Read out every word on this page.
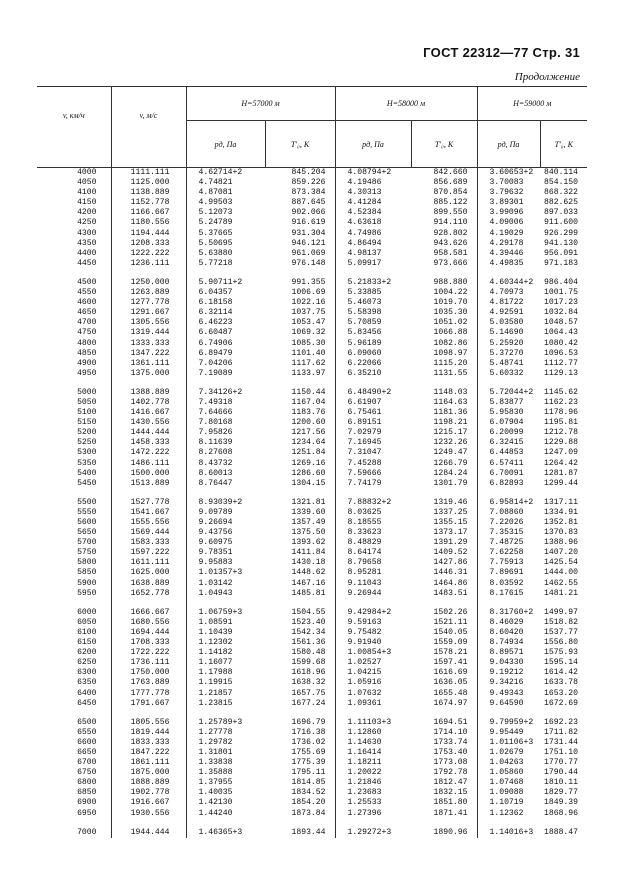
ГОСТ 22312—77 Стр. 31
Продолжение
v, км/ч	v, м/с	H=57000 м		H=58000 м		H=59000 м	
		pд, Па	T′₀, К	pд, Па	T′₀, К	pд, Па	T′₀, К
4000	1111.111	4.62714+2	845.204	4.08794+2	842.660	3.60653+2	840.114
4050	1125.000	4.74821	859.226	4.19486	856.689	3.70083	854.150
4100	1138.889	4.87081	873.384	4.30313	870.854	3.79632	868.322
4150	1152.778	4.99503	887.645	4.41284	885.122	3.89301	882.625
4200	1166.667	5.12073	902.066	4.52384	899.550	3.99096	897.033
4250	1180.556	5.24789	916.619	4.63618	914.110	4.09006	911.600
4300	1194.444	5.37665	931.304	4.74986	928.802	4.19029	926.299
4350	1208.333	5.50695	946.121	4.86494	943.626	4.29178	941.130
4400	1222.222	5.63880	961.069	4.98137	958.581	4.39446	956.091
4450	1236.111	5.77218	976.148	5.09917	973.666	4.49835	971.183

4500	1250.000	5.90711+2	991.355	5.21833+2	988.880	4.60344+2	986.404
4550	1263.889	6.04357	1006.69	5.33885	1004.22	4.70973	1001.75
4600	1277.778	6.18158	1022.16	5.46073	1019.70	4.81722	1017.23
4650	1291.667	6.32114	1037.75	5.58398	1035.30	4.92591	1032.84
4700	1305.556	6.46223	1053.47	5.70859	1051.02	5.03580	1048.57
4750	1319.444	6.60487	1069.32	5.83456	1066.88	5.14690	1064.43
4800	1333.333	6.74906	1085.30	5.96189	1082.86	5.25920	1080.42
4850	1347.222	6.89479	1101.40	6.09060	1098.97	5.37270	1096.53
4900	1361.111	7.04206	1117.62	6.22066	1115.20	5.48741	1112.77
4950	1375.000	7.19089	1133.97	6.35210	1131.55	5.60332	1129.13

5000	1388.889	7.34126+2	1150.44	6.48490+2	1148.03	5.72044+2	1145.62
5050	1402.778	7.49318	1167.04	6.61907	1164.63	5.83877	1162.23
5100	1416.667	7.64666	1183.76	6.75461	1181.36	5.95830	1178.96
5150	1430.556	7.80168	1200.60	6.89151	1198.21	6.07904	1195.81
5200	1444.444	7.95826	1217.56	7.02979	1215.17	6.20099	1212.78
5250	1458.333	8.11639	1234.64	7.16945	1232.26	6.32415	1229.88
5300	1472.222	8.27608	1251.84	7.31047	1249.47	6.44853	1247.09
5350	1486.111	8.43732	1269.16	7.45288	1266.79	6.57411	1264.42
5400	1500.000	8.60013	1286.60	7.59666	1284.24	6.70091	1281.87
5450	1513.889	8.76447	1304.15	7.74179	1301.79	6.82893	1299.44

5500	1527.778	8.93039+2	1321.81	7.88832+2	1319.46	6.95814+2	1317.11
5550	1541.667	9.09789	1339.60	8.03625	1337.25	7.08860	1334.91
5600	1555.556	9.26694	1357.49	8.18555	1355.15	7.22026	1352.81
5650	1569.444	9.43756	1375.50	8.33623	1373.17	7.35315	1370.83
5700	1583.333	9.60975	1393.62	8.48829	1391.29	7.48725	1388.96
5750	1597.222	9.78351	1411.84	8.64174	1409.52	7.62258	1407.20
5800	1611.111	9.95883	1430.18	8.79658	1427.86	7.75913	1425.54
5850	1625.000	1.01357+3	1448.62	8.95281	1446.31	7.89691	1444.00
5900	1638.889	1.03142	1467.16	9.11043	1464.86	8.03592	1462.55
5950	1652.778	1.04943	1485.81	9.26944	1483.51	8.17615	1481.21

6000	1666.667	1.06759+3	1504.55	9.42984+2	1502.26	8.31760+2	1499.97
6050	1680.556	1.08591	1523.40	9.59163	1521.11	8.46029	1518.82
6100	1694.444	1.10439	1542.34	9.75482	1540.05	8.60420	1537.77
6150	1708.333	1.12302	1561.36	9.91940	1559.09	8.74934	1556.80
6200	1722.222	1.14182	1580.48	1.00854+3	1578.21	8.89571	1575.93
6250	1736.111	1.16077	1599.68	1.02527	1597.41	9.04330	1595.14
6300	1750.000	1.17988	1618.96	1.04215	1616.69	9.19212	1614.42
6350	1763.889	1.19915	1638.32	1.05916	1636.05	9.34216	1633.78
6400	1777.778	1.21857	1657.75	1.07632	1655.48	9.49343	1653.20
6450	1791.667	1.23815	1677.24	1.09361	1674.97	9.64590	1672.69

6500	1805.556	1.25789+3	1696.79	1.11103+3	1694.51	9.79959+2	1692.23
6550	1819.444	1.27778	1716.38	1.12860	1714.10	9.95449	1711.82
6600	1833.333	1.29782	1736.02	1.14630	1733.74	1.01106+3	1731.44
6650	1847.222	1.31801	1755.69	1.16414	1753.40	1.02679	1751.10
6700	1861.111	1.33838	1775.39	1.18211	1773.08	1.04263	1770.77
6750	1875.000	1.35888	1795.11	1.20022	1792.78	1.05860	1790.44
6800	1888.889	1.37955	1814.85	1.21846	1812.47	1.07468	1810.11
6850	1902.778	1.40035	1834.52	1.23683	1832.15	1.09088	1829.77
6900	1916.667	1.42130	1854.20	1.25533	1851.80	1.10719	1849.39
6950	1930.556	1.44240	1873.84	1.27396	1871.41	1.12362	1868.96

7000	1944.444	1.46365+3	1893.44	1.29272+3	1890.96	1.14016+3	1888.47
